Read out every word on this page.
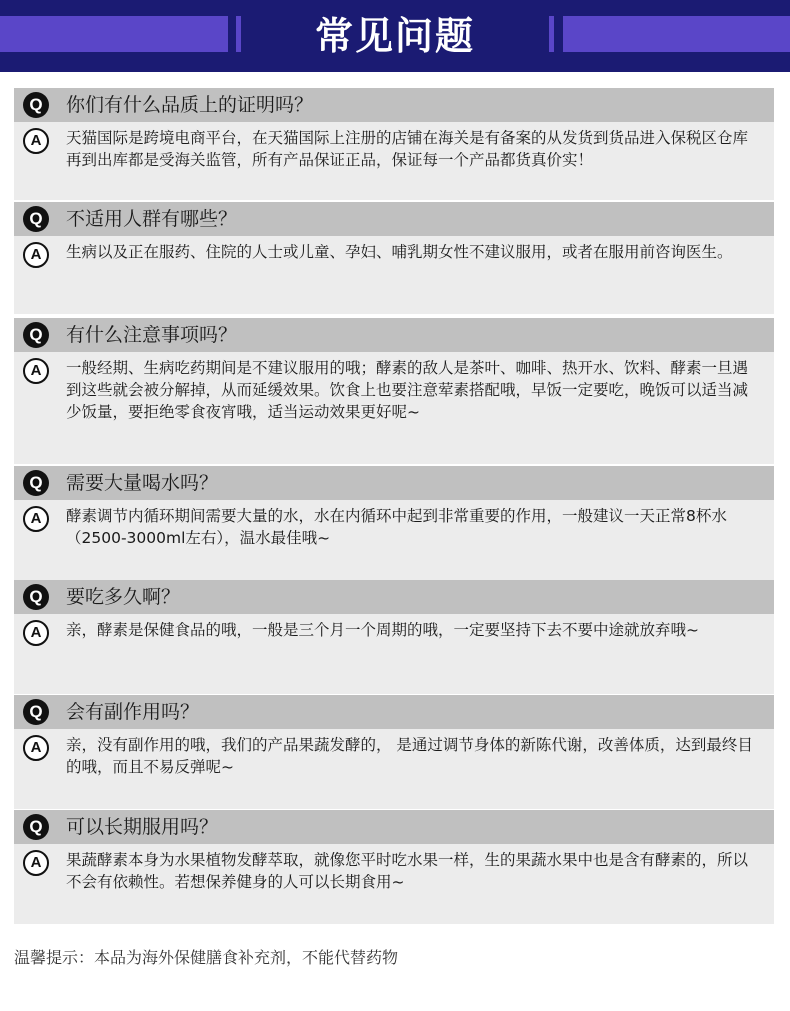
常见问题
Q	你们有什么品质上的证明吗？
A	天猫国际是跨境电商平台，在天猫国际上注册的店铺在海关是有备案的从发货到货品进入保税区仓库再到出库都是受海关监管，所有产品保证正品，保证每一个产品都货真价实！
Q	不适用人群有哪些？
A	生病以及正在服药、住院的人士或儿童、孕妇、哺乳期女性不建议服用，或者在服用前咨询医生。
Q	有什么注意事项吗？
A	一般经期、生病吃药期间是不建议服用的哦；酵素的敌人是茶叶、咖啡、热开水、饮料、酵素一旦遇到这些就会被分解掉，从而延缓效果。饮食上也要注意荤素搭配哦，早饭一定要吃，晚饭可以适当减少饭量，要拒绝零食夜宵哦，适当运动效果更好呢~
Q	需要大量喝水吗？
A	酵素调节内循环期间需要大量的水，水在内循环中起到非常重要的作用，一般建议一天正常8杯水（2500-3000ml左右），温水最佳哦~
Q	要吃多久啊？
A	亲，酵素是保健食品的哦，一般是三个月一个周期的哦，一定要坚持下去不要中途就放弃哦~
Q	会有副作用吗？
A	亲，没有副作用的哦，我们的产品果蔬发酵的， 是通过调节身体的新陈代谢，改善体质，达到最终目的哦，而且不易反弹呢~
Q	可以长期服用吗？
A	果蔬酵素本身为水果植物发酵萃取，就像您平时吃水果一样，生的果蔬水果中也是含有酵素的，所以不会有依赖性。若想保养健身的人可以长期食用~
温馨提示：本品为海外保健膳食补充剂，不能代替药物
